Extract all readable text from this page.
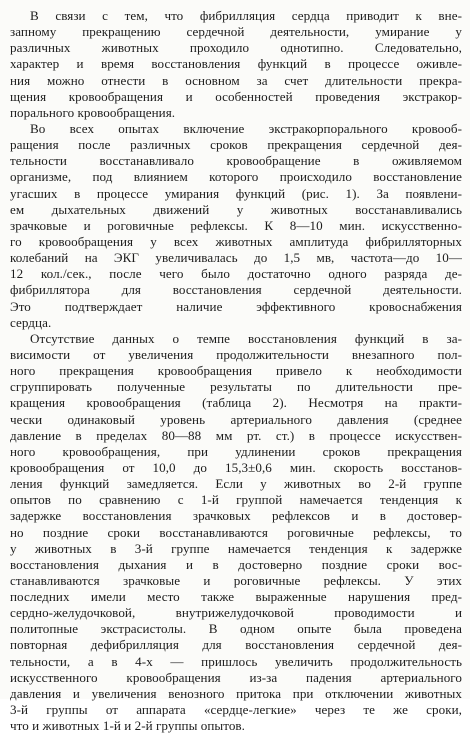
В связи с тем, что фибрилляция сердца приводит к вне-
запному прекращению сердечной деятельности, умирание у
различных животных проходило однотипно. Следовательно,
характер и время восстановления функций в процессе оживле-
ния можно отнести в основном за счет длительности прекра-
щения кровообращения и особенностей проведения экстракор-
порального кровообращения.
Во всех опытах включение экстракорпорального кровооб-
ращения после различных сроков прекращения сердечной дея-
тельности восстанавливало кровообращение в оживляемом
организме, под влиянием которого происходило восстановление
угасших в процессе умирания функций (рис. 1). За появлени-
ем дыхательных движений у животных восстанавливались
зрачковые и роговичные рефлексы. К 8—10 мин. искусственно-
го кровообращения у всех животных амплитуда фибрилляторных
колебаний на ЭКГ увеличивалась до 1,5 мв, частота—до 10—
12 кол./сек., после чего было достаточно одного разряда де-
фибриллятора для восстановления сердечной деятельности.
Это подтверждает наличие эффективного кровоснабжения
сердца.
Отсутствие данных о темпе восстановления функций в за-
висимости от увеличения продолжительности внезапного пол-
ного прекращения кровообращения привело к необходимости
сгруппировать полученные результаты по длительности пре-
кращения кровообращения (таблица 2). Несмотря на практи-
чески одинаковый уровень артериального давления (среднее
давление в пределах 80—88 мм рт. ст.) в процессе искусствен-
ного кровообращения, при удлинении сроков прекращения
кровообращения от 10,0 до 15,3±0,6 мин. скорость восстанов-
ления функций замедляется. Если у животных во 2-й группе
опытов по сравнению с 1-й группой намечается тенденция к
задержке восстановления зрачковых рефлексов и в достовер-
но поздние сроки восстанавливаются роговичные рефлексы, то
у животных в 3-й группе намечается тенденция к задержке
восстановления дыхания и в достоверно поздние сроки вос-
станавливаются зрачковые и роговичные рефлексы. У этих
последних имели место также выраженные нарушения пред-
сердно-желудочковой, внутрижелудочковой проводимости и
политопные экстрасистолы. В одном опыте была проведена
повторная дефибрилляция для восстановления сердечной дея-
тельности, а в 4-х — пришлось увеличить продолжительность
искусственного кровообращения из-за падения артериального
давления и увеличения венозного притока при отключении животных
3-й группы от аппарата «сердце-легкие» через те же сроки,
что и животных 1-й и 2-й группы опытов.
